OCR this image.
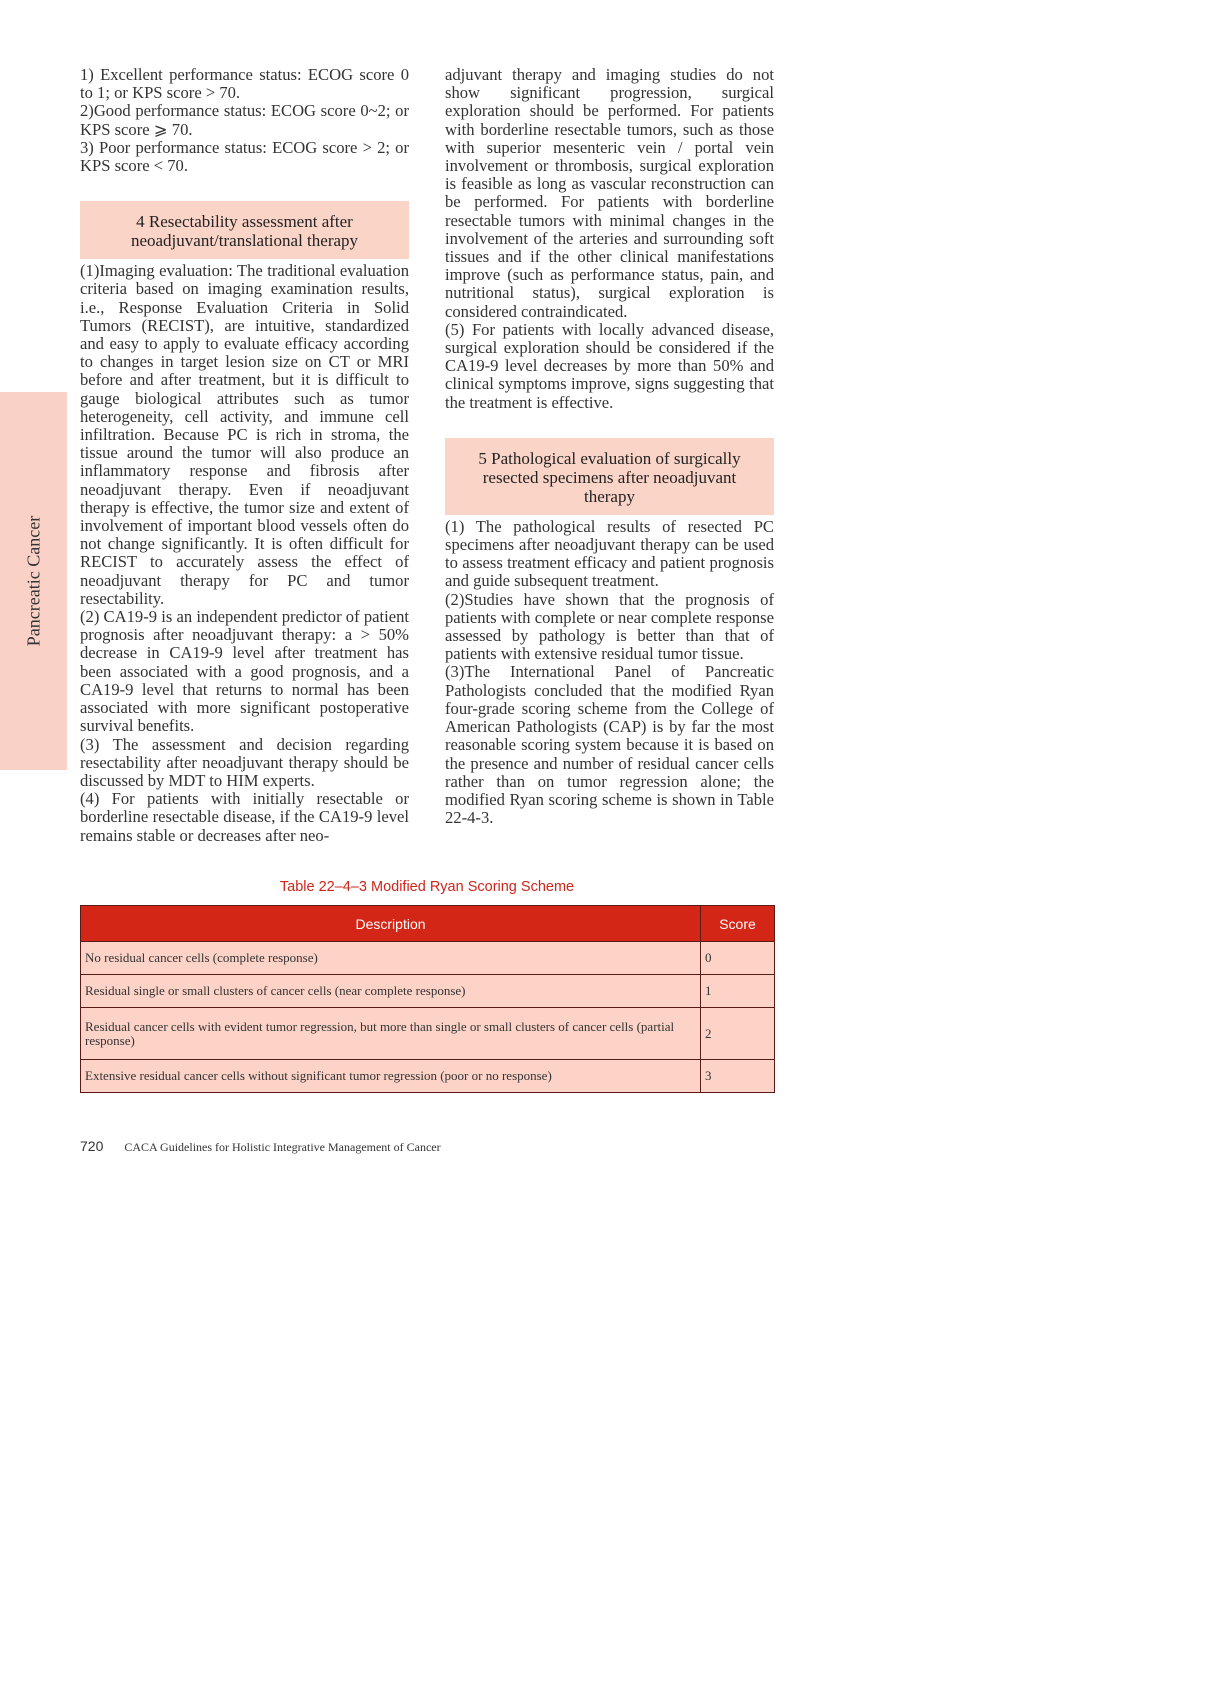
Pancreatic Cancer

1) Excellent performance status: ECOG score 0 to 1; or KPS score > 70.

2)Good performance status: ECOG score 0~2; or KPS score ⩾ 70.

3) Poor performance status: ECOG score > 2; or KPS score < 70.

4 Resectability assessment after
neoadjuvant/translational therapy

(1)Imaging evaluation: The traditional evaluation criteria based on imaging examination results, i.e., Response Evaluation Criteria in Solid Tumors (RECIST), are intuitive, standardized and easy to apply to evaluate efficacy according to changes in target lesion size on CT or MRI before and after treatment, but it is difficult to gauge biological attributes such as tumor heterogeneity, cell activity, and immune cell infiltration. Because PC is rich in stroma, the tissue around the tumor will also produce an inflammatory response and fibrosis after neoadjuvant therapy. Even if neoadjuvant therapy is effective, the tumor size and extent of involvement of important blood vessels often do not change significantly. It is often difficult for RECIST to accurately assess the effect of neoadjuvant therapy for PC and tumor resectability.

(2) CA19-9 is an independent predictor of patient prognosis after neoadjuvant therapy: a > 50% decrease in CA19-9 level after treatment has been associated with a good prognosis, and a CA19-9 level that returns to normal has been associated with more significant postoperative survival benefits.

(3) The assessment and decision regarding resectability after neoadjuvant therapy should be discussed by MDT to HIM experts.

(4) For patients with initially resectable or borderline resectable disease, if the CA19-9 level remains stable or decreases after neo-

adjuvant therapy and imaging studies do not show significant progression, surgical exploration should be performed. For patients with borderline resectable tumors, such as those with superior mesenteric vein / portal vein involvement or thrombosis, surgical exploration is feasible as long as vascular reconstruction can be performed. For patients with borderline resectable tumors with minimal changes in the involvement of the arteries and surrounding soft tissues and if the other clinical manifestations improve (such as performance status, pain, and nutritional status), surgical exploration is considered contraindicated.

(5) For patients with locally advanced disease, surgical exploration should be considered if the CA19-9 level decreases by more than 50% and clinical symptoms improve, signs suggesting that the treatment is effective.

5 Pathological evaluation of surgically
resected specimens after neoadjuvant
therapy

(1) The pathological results of resected PC specimens after neoadjuvant therapy can be used to assess treatment efficacy and patient prognosis and guide subsequent treatment.

(2)Studies have shown that the prognosis of patients with complete or near complete response assessed by pathology is better than that of patients with extensive residual tumor tissue.

(3)The International Panel of Pancreatic Pathologists concluded that the modified Ryan four-grade scoring scheme from the College of American Pathologists (CAP) is by far the most reasonable scoring system because it is based on the presence and number of residual cancer cells rather than on tumor regression alone; the modified Ryan scoring scheme is shown in Table 22-4-3.

Table 22–4–3 Modified Ryan Scoring Scheme
Description	Score
No residual cancer cells (complete response)	0
Residual single or small clusters of cancer cells (near complete response)	1
Residual cancer cells with evident tumor regression, but more than single or small clusters of cancer cells (partial response)	2
Extensive residual cancer cells without significant tumor regression (poor or no response)	3
720 CACA Guidelines for Holistic Integrative Management of Cancer
